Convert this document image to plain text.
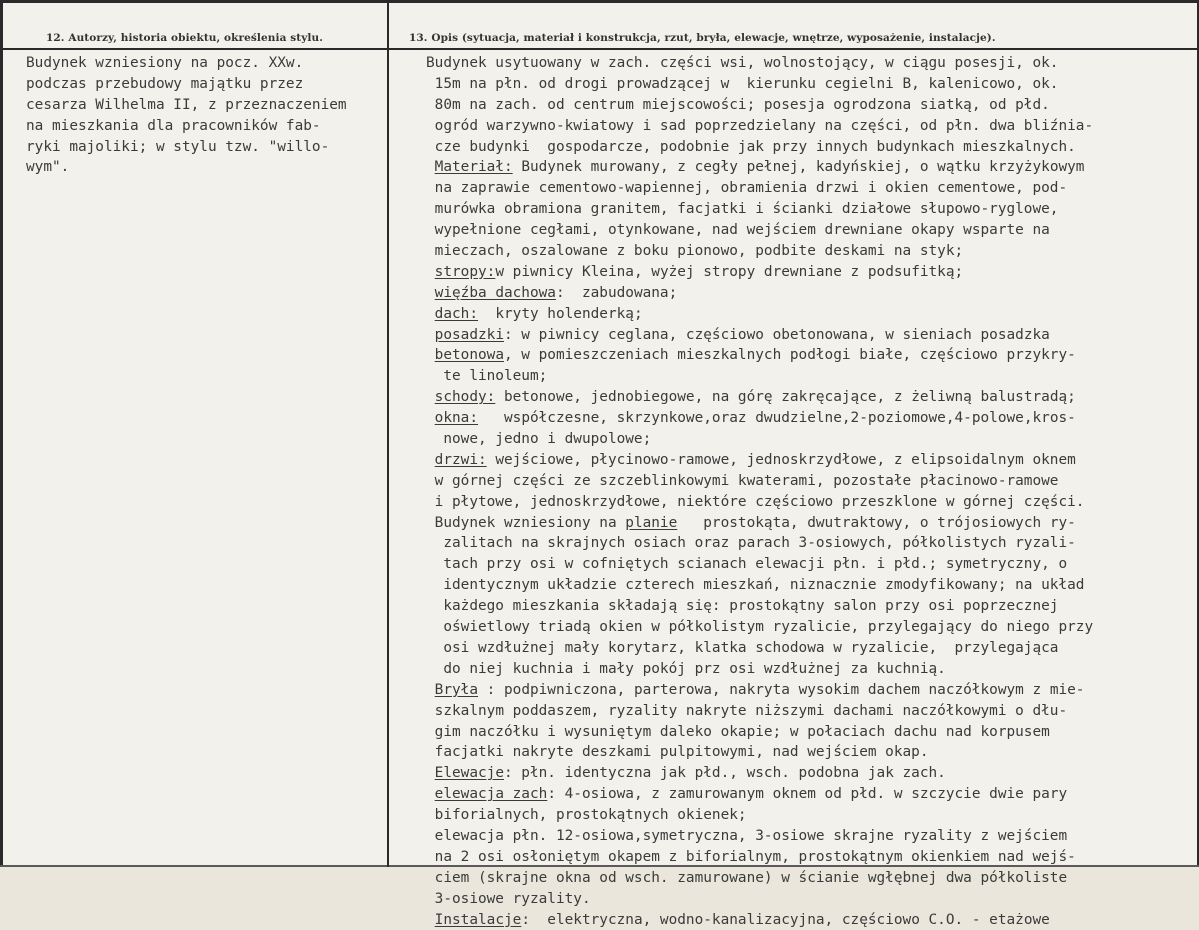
12. Autorzy, historia obiektu, określenia stylu.	13. Opis (sytuacja, materiał i konstrukcja, rzut, bryła, elewacje, wnętrze, wyposażenie, instalacje).
Budynek wzniesiony na pocz. XXw.
podczas przebudowy majątku przez
cesarza Wilhelma II, z przeznaczeniem
na mieszkania dla pracowników fab-
ryki majoliki; w stylu tzw. "willo-
wym".
Budynek usytuowany w zach. części wsi, wolnostojący, w ciągu posesji, ok.
15m na płn. od drogi prowadzącej w  kierunku cegielni B, kalenicowo, ok.
80m na zach. od centrum miejscowości; posesja ogrodzona siatką, od płd.
ogród warzywno-kwiatowy i sad poprzedzielany na części, od płn. dwa bliźnia-
cze budynki  gospodarcze, podobnie jak przy innych budynkach mieszkalnych.
Materiał: Budynek murowany, z cegły pełnej, kadyńskiej, o wątku krzyżykowym
na zaprawie cementowo-wapiennej, obramienia drzwi i okien cementowe, pod-
murówka obramiona granitem, facjatki i ścianki działowe słupowo-ryglowe,
wypełnione cegłami, otynkowane, nad wejściem drewniane okapy wsparte na
mieczach, oszalowane z boku pionowo, podbite deskami na styk;
stropy:w piwnicy Kleina, wyżej stropy drewniane z podsufitką;
więźba dachowa:  zabudowana;
dach:  kryty holenderką;
posadzki: w piwnicy ceglana, częściowo obetonowana, w sieniach posadzka
betonowa, w pomieszczeniach mieszkalnych podłogi białe, częściowo przykry-
te linoleum;
schody: betonowe, jednobiegowe, na górę zakręcające, z żeliwną balustradą;
okna:   współczesne, skrzynkowe,oraz dwudzielne,2-poziomowe,4-polowe,kros-
nowe, jedno i dwupolowe;
drzwi: wejściowe, płycinowo-ramowe, jednoskrzydłowe, z elipsoidalnym oknem
w górnej części ze szczeblinkowymi kwaterami, pozostałe płacinowo-ramowe
i płytowe, jednoskrzydłowe, niektóre częściowo przeszklone w górnej części.
Budynek wzniesiony na planie   prostokąta, dwutraktowy, o trójosiowych ry-
zalitach na skrajnych osiach oraz parach 3-osiowych, półkolistych ryzali-
tach przy osi w cofniętych scianach elewacji płn. i płd.; symetryczny, o
identycznym układzie czterech mieszkań, niznacznie zmodyfikowany; na układ
każdego mieszkania składają się: prostokątny salon przy osi poprzecznej
oświetlowy triadą okien w półkolistym ryzalicie, przylegający do niego przy
osi wzdłużnej mały korytarz, klatka schodowa w ryzalicie,  przylegająca
do niej kuchnia i mały pokój prz osi wzdłużnej za kuchnią.
Bryła : podpiwniczona, parterowa, nakryta wysokim dachem naczółkowym z mie-
szkalnym poddaszem, ryzality nakryte niższymi dachami naczółkowymi o dłu-
gim naczółku i wysuniętym daleko okapie; w połaciach dachu nad korpusem
facjatki nakryte deszkami pulpitowymi, nad wejściem okap.
Elewacje: płn. identyczna jak płd., wsch. podobna jak zach.
elewacja zach: 4-osiowa, z zamurowanym oknem od płd. w szczycie dwie pary
biforialnych, prostokątnych okienek;
elewacja płn. 12-osiowa,symetryczna, 3-osiowe skrajne ryzality z wejściem
na 2 osi osłoniętym okapem z biforialnym, prostokątnym okienkiem nad wejś-
ciem (skrajne okna od wsch. zamurowane) w ścianie wgłębnej dwa półkoliste
3-osiowe ryzality.
Instalacje:  elektryczna, wodno-kanalizacyjna, częściowo C.O. - etażowe
